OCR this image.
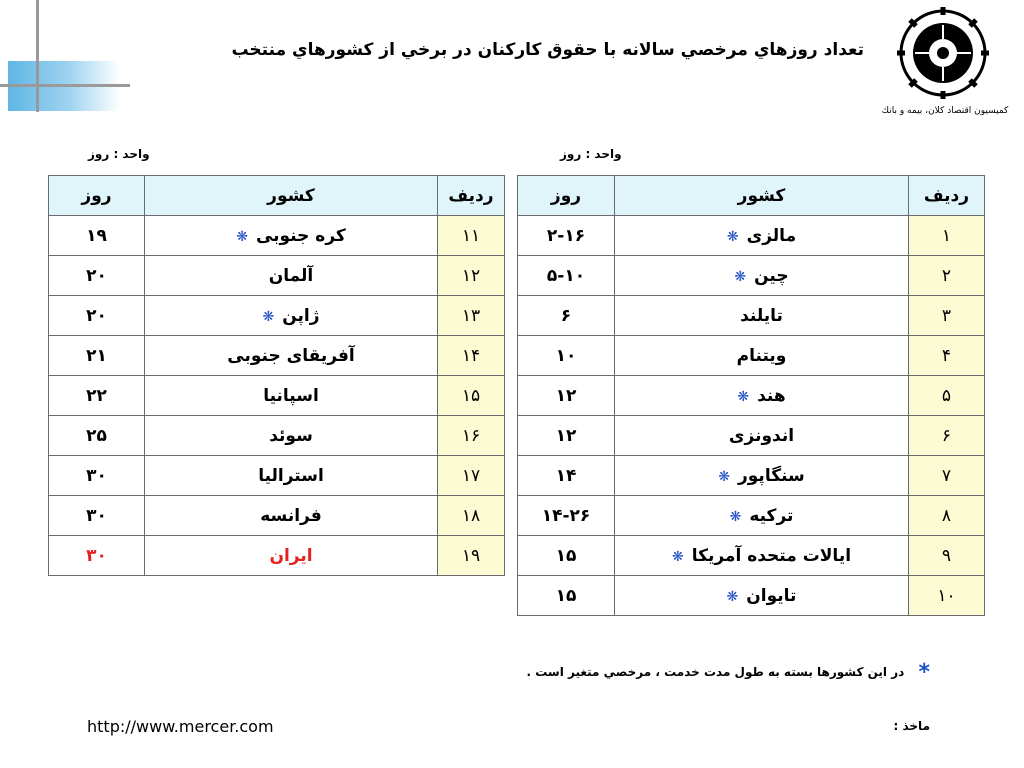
تعداد روزهاي مرخصي سالانه با حقوق كاركنان در برخي از كشورهاي منتخب
كميسيون اقتصاد كلان، بيمه و بانك
واحد : روز	واحد : روز
رديف	كشور	روز
۱۱	كره جنوبی❋	۱۹
۱۲	آلمان	۲۰
۱۳	ژاپن❋	۲۰
۱۴	آفريقای جنوبی	۲۱
۱۵	اسپانيا	۲۲
۱۶	سوئد	۲۵
۱۷	استراليا	۳۰
۱۸	فرانسه	۳۰
۱۹	ايران	۳۰
رديف	كشور	روز
۱	مالزی❋	۲-۱۶
۲	چين❋	۵-۱۰
۳	تايلند	۶
۴	ويتنام	۱۰
۵	هند❋	۱۲
۶	اندونزی	۱۲
۷	سنگاپور❋	۱۴
۸	تركيه❋	۱۴-۲۶
۹	ايالات متحده آمريكا❋	۱۵
۱۰	تايوان❋	۱۵
* در اين كشورها بسته به طول مدت خدمت ، مرخصي متغير است .
ماخذ :
http://www.mercer.com
